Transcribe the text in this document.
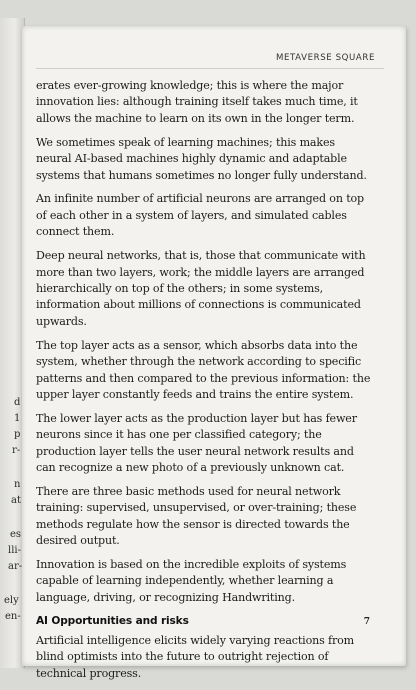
d
1
p
r-
n
at
es
lli-
ar-
ely
en-
METAVERSE SQUARE

erates ever-growing knowledge; this is where the major innovation lies: although training itself takes much time, it allows the machine to learn on its own in the longer term.

We sometimes speak of learning machines; this makes neural AI-based machines highly dynamic and adaptable systems that humans sometimes no longer fully understand.

An infinite number of artificial neurons are arranged on top of each other in a system of layers, and simulated cables connect them.

Deep neural networks, that is, those that communicate with more than two layers, work; the middle layers are arranged hierarchically on top of the others; in some systems, information about millions of connections is communicated upwards.

The top layer acts as a sensor, which absorbs data into the system, whether through the network according to specific patterns and then compared to the previous information: the upper layer constantly feeds and trains the entire system.

The lower layer acts as the production layer but has fewer neurons since it has one per classified category; the production layer tells the user neural network results and can recognize a new photo of a previously unknown cat.

There are three basic methods used for neural network training: supervised, unsupervised, or over-training; these methods regulate how the sensor is directed towards the desired output.

Innovation is based on the incredible exploits of systems capable of learning independently, whether learning a language, driving, or recognizing Handwriting.

AI Opportunities and risks

Artificial intelligence elicits widely varying reactions from blind optimists into the future to outright rejection of technical progress.

7
